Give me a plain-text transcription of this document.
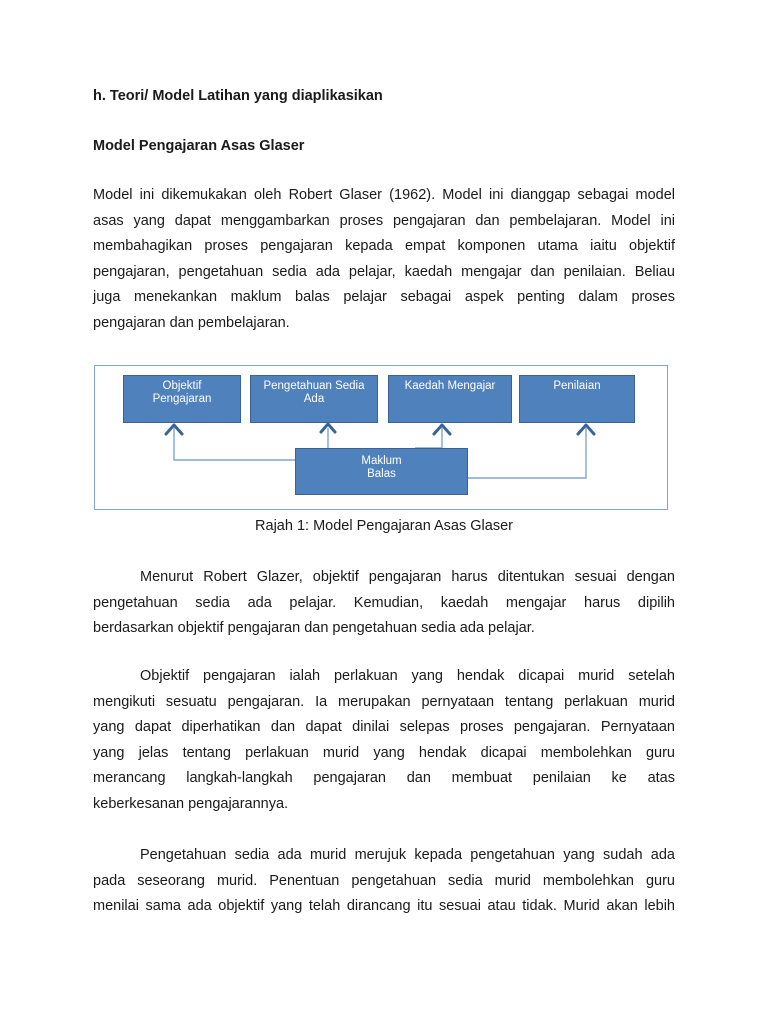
h. Teori/ Model Latihan yang diaplikasikan
Model Pengajaran Asas Glaser
Model ini dikemukakan oleh Robert Glaser (1962). Model ini dianggap sebagai model
asas yang dapat menggambarkan proses pengajaran dan pembelajaran. Model ini
membahagikan proses pengajaran kepada empat komponen utama iaitu objektif
pengajaran, pengetahuan sedia ada pelajar, kaedah mengajar dan penilaian. Beliau
juga menekankan maklum balas pelajar sebagai aspek penting dalam proses
pengajaran dan pembelajaran.
Objektif
Pengajaran
Pengetahuan Sedia
Ada
Kaedah Mengajar	Penilaian
Maklum
Balas
Rajah 1: Model Pengajaran Asas Glaser
Menurut Robert Glazer, objektif pengajaran harus ditentukan sesuai dengan
pengetahuan sedia ada pelajar. Kemudian, kaedah mengajar harus dipilih
berdasarkan objektif pengajaran dan pengetahuan sedia ada pelajar.
Objektif pengajaran ialah perlakuan yang hendak dicapai murid setelah
mengikuti sesuatu pengajaran. Ia merupakan pernyataan tentang perlakuan murid
yang dapat diperhatikan dan dapat dinilai selepas proses pengajaran. Pernyataan
yang jelas tentang perlakuan murid yang hendak dicapai membolehkan guru
merancang langkah-langkah pengajaran dan membuat penilaian ke atas
keberkesanan pengajarannya.
Pengetahuan sedia ada murid merujuk kepada pengetahuan yang sudah ada
pada seseorang murid. Penentuan pengetahuan sedia murid membolehkan guru
menilai sama ada objektif yang telah dirancang itu sesuai atau tidak. Murid akan lebih
